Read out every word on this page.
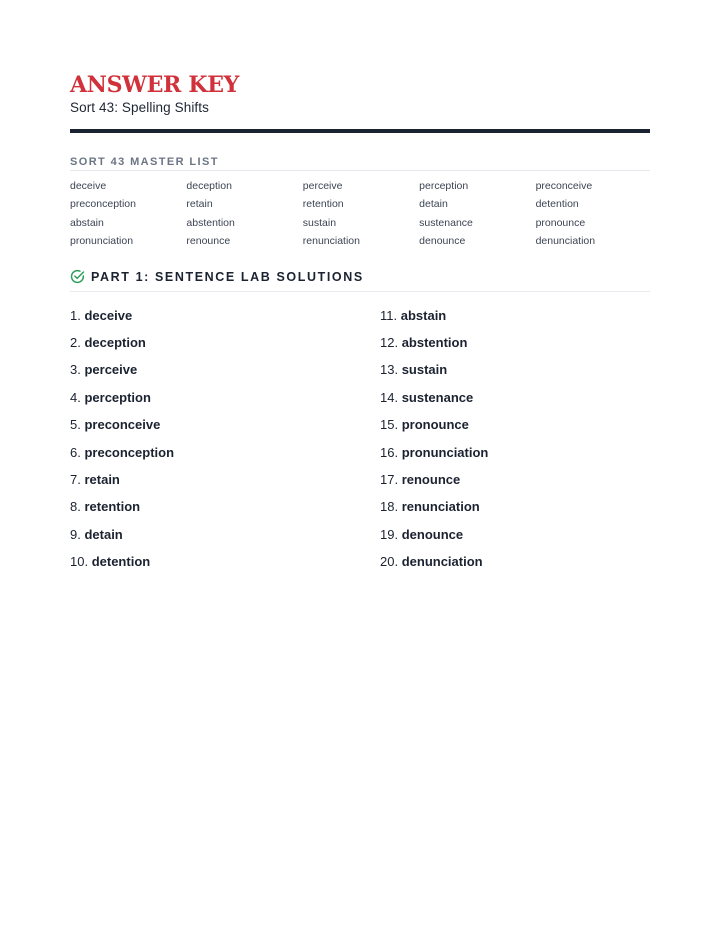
ANSWER KEY
Sort 43: Spelling Shifts
SORT 43 MASTER LIST
deceive	deception	perceive	perception	preconceive
preconception	retain	retention	detain	detention
abstain	abstention	sustain	sustenance	pronounce
pronunciation	renounce	renunciation	denounce	denunciation
PART 1: SENTENCE LAB SOLUTIONS
1. deceive
2. deception
3. perceive
4. perception
5. preconceive
6. preconception
7. retain
8. retention
9. detain
10. detention
11. abstain
12. abstention
13. sustain
14. sustenance
15. pronounce
16. pronunciation
17. renounce
18. renunciation
19. denounce
20. denunciation
